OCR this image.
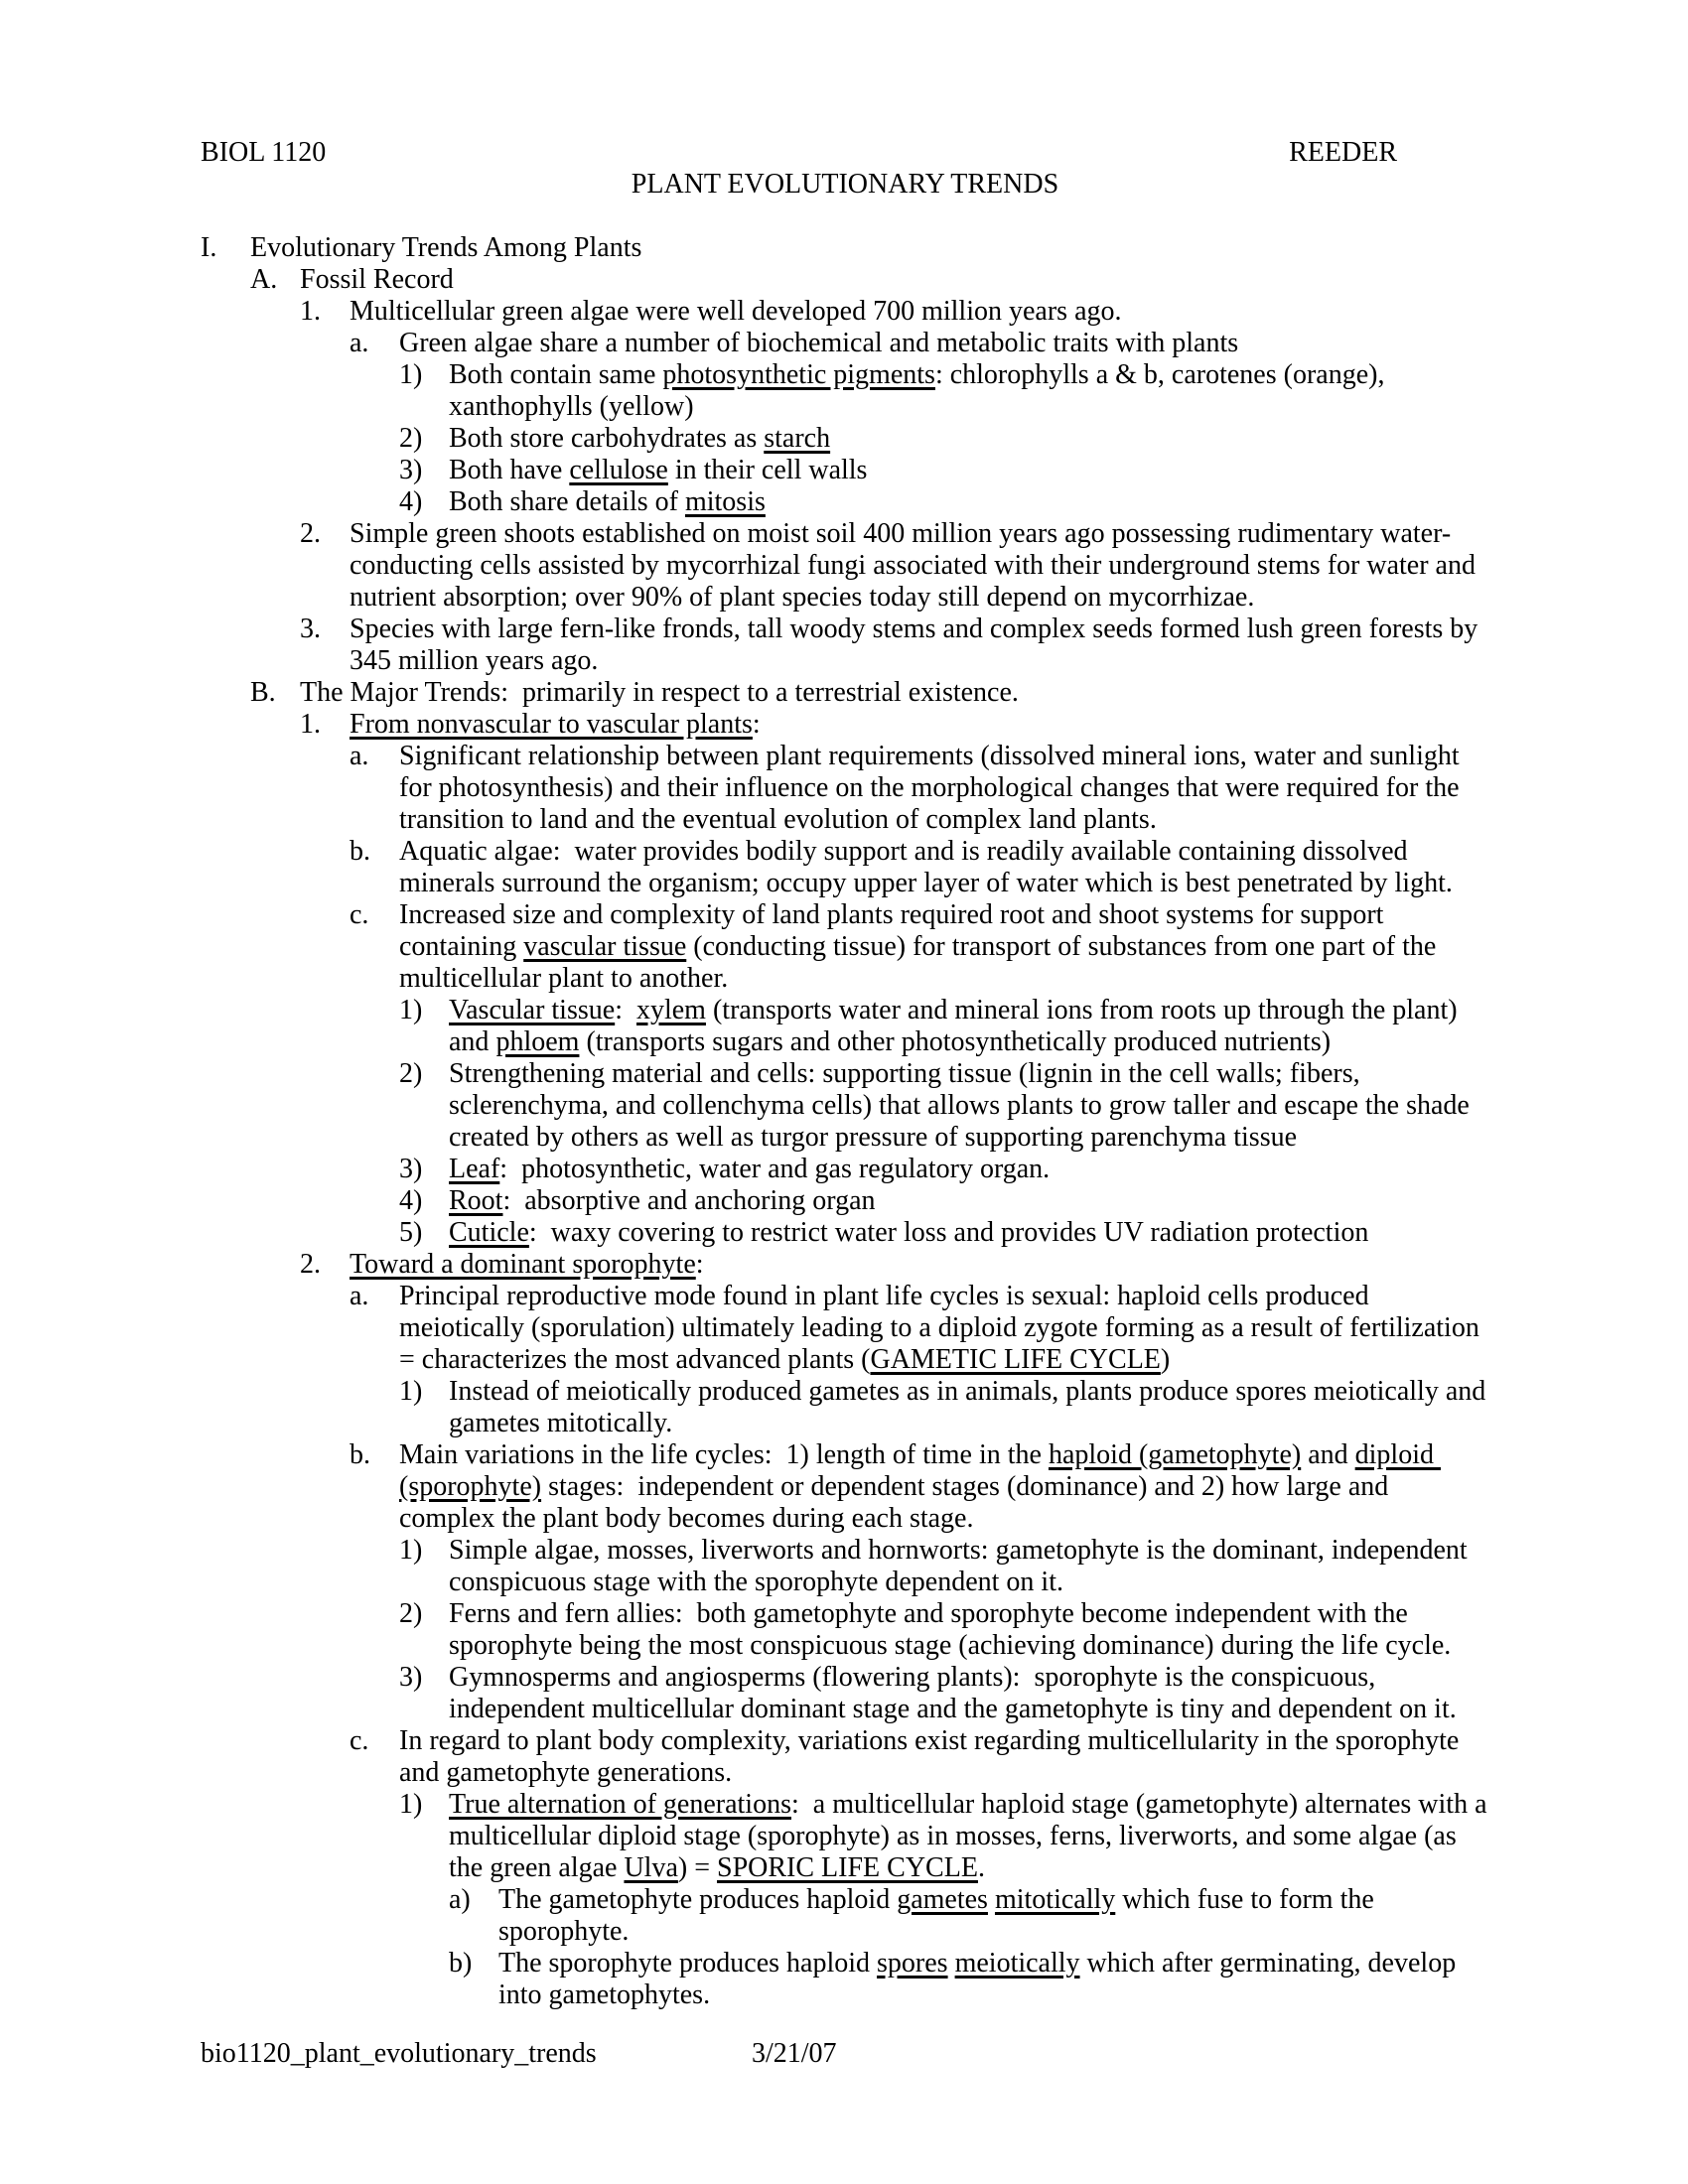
BIOL 1120	REEDER
PLANT EVOLUTIONARY TRENDS
I.	Evolutionary Trends Among Plants
A. Fossil Record
1.	Multicellular green algae were well developed 700 million years ago.
a.	Green algae share a number of biochemical and metabolic traits with plants
1) Both contain same photosynthetic pigments: chlorophylls a & b, carotenes (orange), xanthophylls (yellow)
2) Both store carbohydrates as starch
3) Both have cellulose in their cell walls
4) Both share details of mitosis
2.	Simple green shoots established on moist soil 400 million years ago possessing rudimentary water-conducting cells assisted by mycorrhizal fungi associated with their underground stems for water and nutrient absorption; over 90% of plant species today still depend on mycorrhizae.
3.	Species with large fern-like fronds, tall woody stems and complex seeds formed lush green forests by 345 million years ago.
B. The Major Trends:  primarily in respect to a terrestrial existence.
1.	From nonvascular to vascular plants:
a.	Significant relationship between plant requirements (dissolved mineral ions, water and sunlight for photosynthesis) and their influence on the morphological changes that were required for the transition to land and the eventual evolution of complex land plants.
b.	Aquatic algae:  water provides bodily support and is readily available containing dissolved minerals surround the organism; occupy upper layer of water which is best penetrated by light.
c.	Increased size and complexity of land plants required root and shoot systems for support containing vascular tissue (conducting tissue) for transport of substances from one part of the multicellular plant to another.
1) Vascular tissue:  xylem (transports water and mineral ions from roots up through the plant) and phloem (transports sugars and other photosynthetically produced nutrients)
2) Strengthening material and cells: supporting tissue (lignin in the cell walls; fibers, sclerenchyma, and collenchyma cells) that allows plants to grow taller and escape the shade created by others as well as turgor pressure of supporting parenchyma tissue
3) Leaf:  photosynthetic, water and gas regulatory organ.
4) Root:  absorptive and anchoring organ
5) Cuticle:  waxy covering to restrict water loss and provides UV radiation protection
2.	Toward a dominant sporophyte:
a.	Principal reproductive mode found in plant life cycles is sexual: haploid cells produced meiotically (sporulation) ultimately leading to a diploid zygote forming as a result of fertilization = characterizes the most advanced plants (GAMETIC LIFE CYCLE)
1) Instead of meiotically produced gametes as in animals, plants produce spores meiotically and gametes mitotically.
b.	Main variations in the life cycles:  1) length of time in the haploid (gametophyte) and diploid (sporophyte) stages:  independent or dependent stages (dominance) and 2) how large and complex the plant body becomes during each stage.
1) Simple algae, mosses, liverworts and hornworts: gametophyte is the dominant, independent conspicuous stage with the sporophyte dependent on it.
2) Ferns and fern allies:  both gametophyte and sporophyte become independent with the sporophyte being the most conspicuous stage (achieving dominance) during the life cycle.
3) Gymnosperms and angiosperms (flowering plants):  sporophyte is the conspicuous, independent multicellular dominant stage and the gametophyte is tiny and dependent on it.
c.	In regard to plant body complexity, variations exist regarding multicellularity in the sporophyte and gametophyte generations.
1) True alternation of generations:  a multicellular haploid stage (gametophyte) alternates with a multicellular diploid stage (sporophyte) as in mosses, ferns, liverworts, and some algae (as the green algae Ulva) = SPORIC LIFE CYCLE.
a)	The gametophyte produces haploid gametes mitotically which fuse to form the sporophyte.
b) The sporophyte produces haploid spores meiotically which after germinating, develop into gametophytes.
bio1120_plant_evolutionary_trends	3/21/07
